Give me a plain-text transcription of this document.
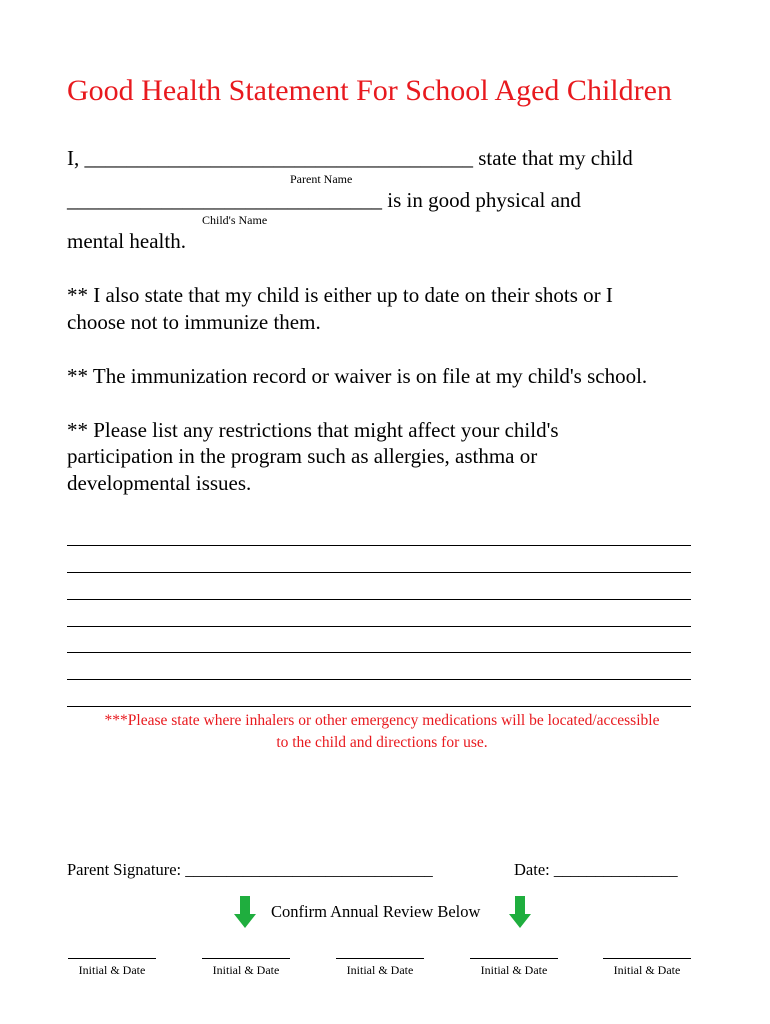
Good Health Statement For School Aged Children
I, _____________________________________ state that my child
Parent Name
______________________________ is in good physical and
Child's Name
mental health.
** I also state that my child is either up to date on their shots or I
choose not to immunize them.
** The immunization record or waiver is on file at my child's school.
** Please list any restrictions that might affect your child's
participation in the program such as allergies, asthma or
developmental issues.
***Please state where inhalers or other emergency medications will be located/accessible
to the child and directions for use.
Parent Signature: ______________________________	Date: _______________
Confirm Annual Review Below
Initial & Date	Initial & Date	Initial & Date	Initial & Date	Initial & Date
